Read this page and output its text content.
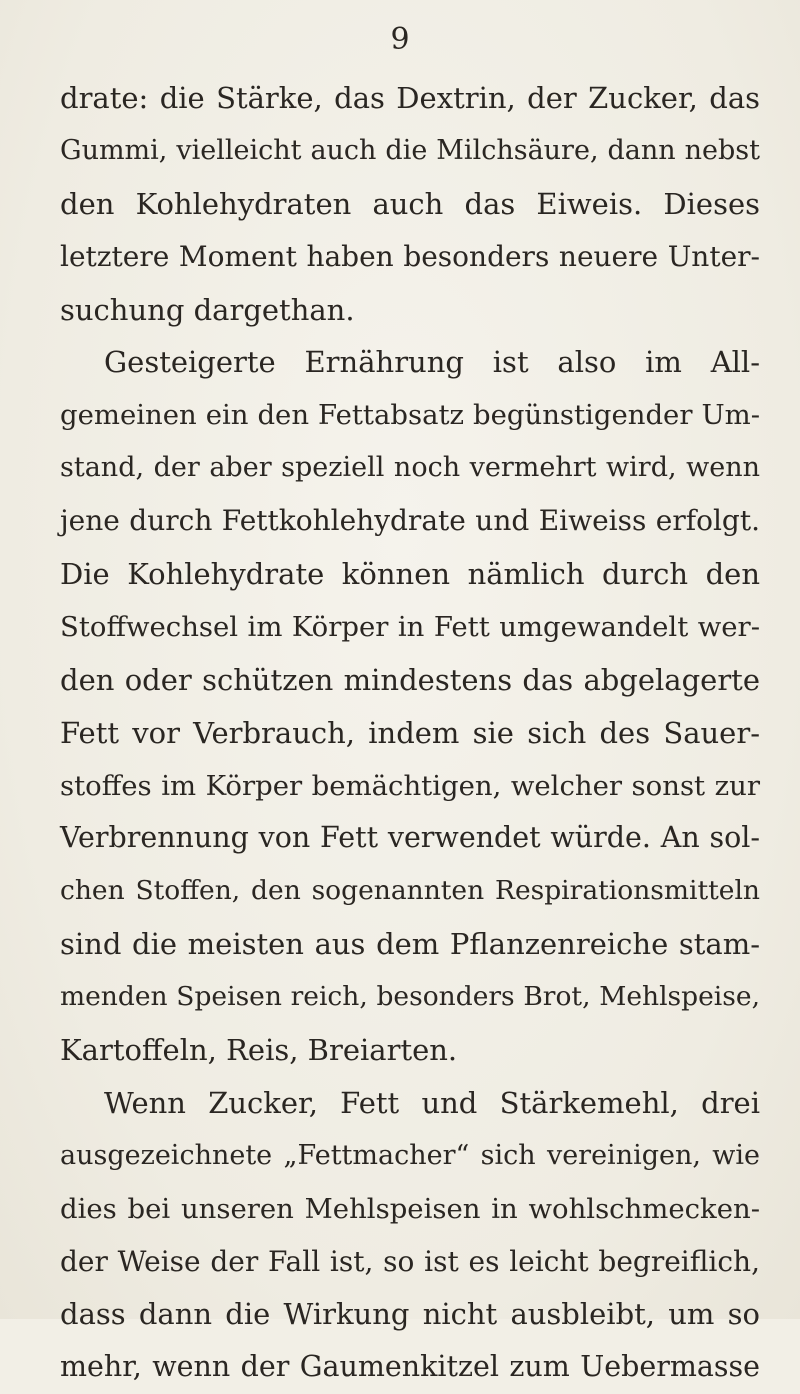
9
drate: die Stärke, das Dextrin, der Zucker, das
Gummi, vielleicht auch die Milchsäure, dann nebst
den Kohlehydraten auch das Eiweis. Dieses
letztere Moment haben besonders neuere Unter-
suchung dargethan.
Gesteigerte Ernährung ist also im All-
gemeinen ein den Fettabsatz begünstigender Um-
stand, der aber speziell noch vermehrt wird, wenn
jene durch Fettkohlehydrate und Eiweiss erfolgt.
Die Kohlehydrate können nämlich durch den
Stoffwechsel im Körper in Fett umgewandelt wer-
den oder schützen mindestens das abgelagerte
Fett vor Verbrauch, indem sie sich des Sauer-
stoffes im Körper bemächtigen, welcher sonst zur
Verbrennung von Fett verwendet würde. An sol-
chen Stoffen, den sogenannten Respirationsmitteln
sind die meisten aus dem Pflanzenreiche stam-
menden Speisen reich, besonders Brot, Mehlspeise,
Kartoffeln, Reis, Breiarten.
Wenn Zucker, Fett und Stärkemehl, drei
ausgezeichnete „Fettmacher“ sich vereinigen, wie
dies bei unseren Mehlspeisen in wohlschmecken-
der Weise der Fall ist, so ist es leicht begreiflich,
dass dann die Wirkung nicht ausbleibt, um so
mehr, wenn der Gaumenkitzel zum Uebermasse
